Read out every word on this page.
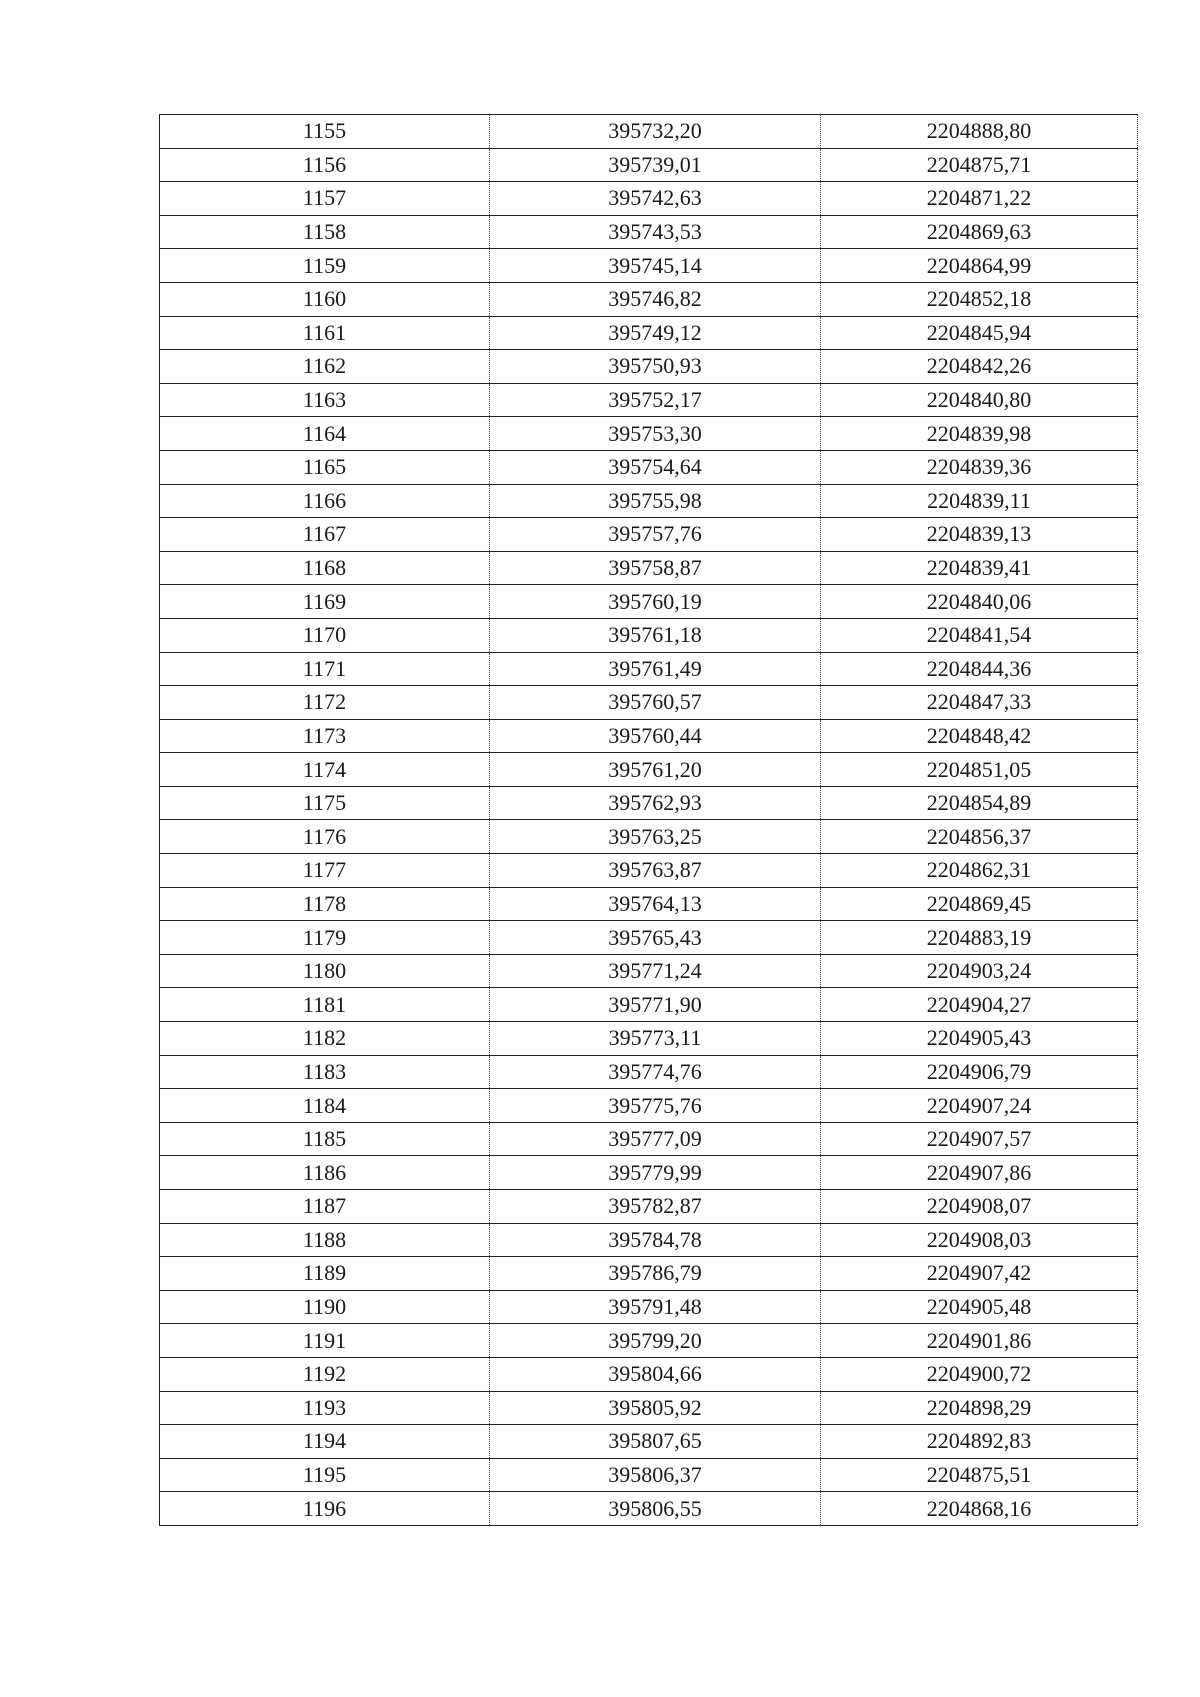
1155	395732,20	2204888,80
1156	395739,01	2204875,71
1157	395742,63	2204871,22
1158	395743,53	2204869,63
1159	395745,14	2204864,99
1160	395746,82	2204852,18
1161	395749,12	2204845,94
1162	395750,93	2204842,26
1163	395752,17	2204840,80
1164	395753,30	2204839,98
1165	395754,64	2204839,36
1166	395755,98	2204839,11
1167	395757,76	2204839,13
1168	395758,87	2204839,41
1169	395760,19	2204840,06
1170	395761,18	2204841,54
1171	395761,49	2204844,36
1172	395760,57	2204847,33
1173	395760,44	2204848,42
1174	395761,20	2204851,05
1175	395762,93	2204854,89
1176	395763,25	2204856,37
1177	395763,87	2204862,31
1178	395764,13	2204869,45
1179	395765,43	2204883,19
1180	395771,24	2204903,24
1181	395771,90	2204904,27
1182	395773,11	2204905,43
1183	395774,76	2204906,79
1184	395775,76	2204907,24
1185	395777,09	2204907,57
1186	395779,99	2204907,86
1187	395782,87	2204908,07
1188	395784,78	2204908,03
1189	395786,79	2204907,42
1190	395791,48	2204905,48
1191	395799,20	2204901,86
1192	395804,66	2204900,72
1193	395805,92	2204898,29
1194	395807,65	2204892,83
1195	395806,37	2204875,51
1196	395806,55	2204868,16
